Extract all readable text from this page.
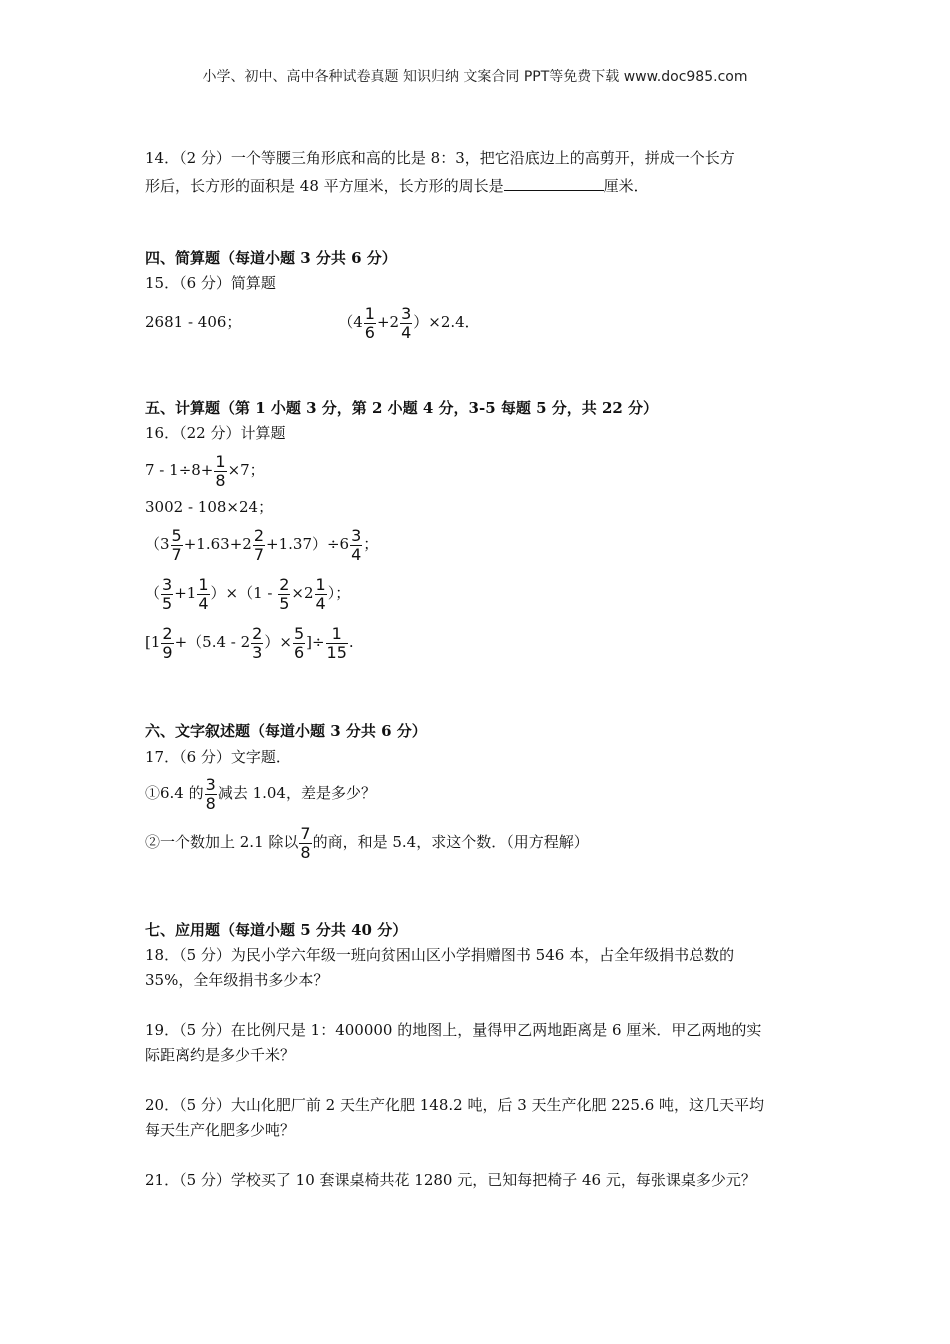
小学、初中、高中各种试卷真题 知识归纳 文案合同 PPT等免费下载 www.doc985.com
14．（2 分）一个等腰三角形底和高的比是 8：3，把它沿底边上的高剪开，拼成一个长方
形后，长方形的面积是 48 平方厘米，长方形的周长是	厘米．
四、简算题（每道小题 3 分共 6 分）
15．（6 分）简算题
2681 - 406；	$(4 \frac{1}{6} +2 \frac{3}{4} )\times 2.4$．
五、计算题（第 1 小题 3 分，第 2 小题 4 分，3-5 每题 5 分，共 22 分）
16．（22 分）计算题
$7 - 1\div 8+ \frac{1}{8} \times 7$；
3002 - 108×24；
$(3 \frac{5}{7} +1.63+2 \frac{2}{7} +1.37)\div 6 \frac{3}{4}$ ；
（ $\frac{3}{5} +1 \frac{1}{4} )\times(1 - \frac{2}{5} \times 2 \frac{1}{4}$ ）；
[$1 \frac{2}{9} +(5.4 - 2 \frac{2}{3}$ ）× $\frac{5}{6}$ ]÷ $\frac{1}{15}$ .
六、文字叙述题（每道小题 3 分共 6 分）
17．（6 分）文字题．
①6.4 的 $\frac{3}{8}$ 减去 1.04，差是多少？
②一个数加上 2.1 除以 $\frac{7}{8}$ 的商，和是 5.4，求这个数．（用方程解）
七、应用题（每道小题 5 分共 40 分）
18．（5 分）为民小学六年级一班向贫困山区小学捐赠图书 546 本，占全年级捐书总数的
35%，全年级捐书多少本？
19．（5 分）在比例尺是 1：400000 的地图上，量得甲乙两地距离是 6 厘米．甲乙两地的实
际距离约是多少千米？
20．（5 分）大山化肥厂前 2 天生产化肥 148.2 吨，后 3 天生产化肥 225.6 吨，这几天平均
每天生产化肥多少吨？
21．（5 分）学校买了 10 套课桌椅共花 1280 元，已知每把椅子 46 元，每张课桌多少元？
